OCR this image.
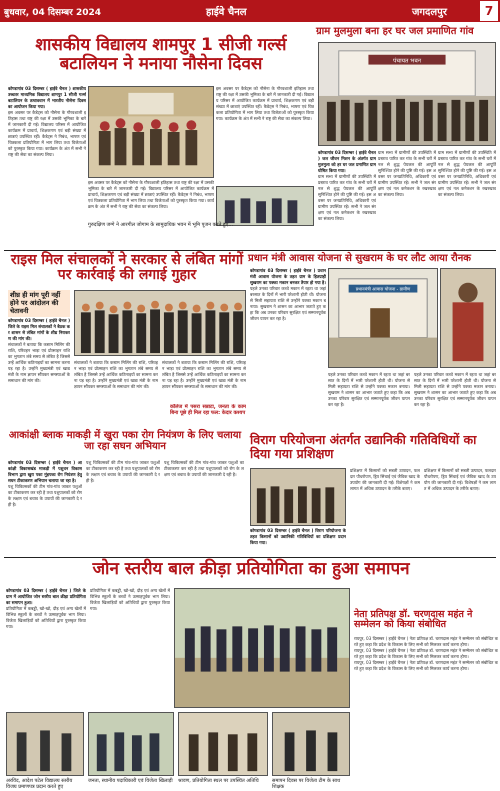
बुधवार, 04 दिसम्बर 2024	हाईवे चैनल	जगदलपुर	7
शासकीय विद्यालय शामपुर 1 सीजी गर्ल्स बटालियन ने मनाया नौसेना दिवस

कोण्डागांव 03 दिसम्बर ( हाईवे चैनल ) शासकीय उच्चतर माध्यमिक विद्यालय शामपुर 1 सीजी गर्ल्स बटालियन के तत्वावधान में भारतीय नौसेना दिवस का आयोजन किया गया।

इस अवसर पर कैडेट्स को नौसेना के गौरवशाली इतिहास तथा राष्ट्र की रक्षा में उसकी भूमिका के बारे में जानकारी दी गई। विद्यालय परिसर में आयोजित कार्यक्रम में प्राचार्य, शिक्षकगण एवं बड़ी संख्या में छात्राएं उपस्थित रहीं। कैडेट्स ने निबंध, भाषण एवं चित्रकला प्रतियोगिता में भाग लिया तथा विजेताओं को पुरस्कृत किया गया। कार्यक्रम के अंत में सभी ने राष्ट्र की सेवा का संकल्प लिया।

इस अवसर पर कैडेट्स को नौसेना के गौरवशाली इतिहास तथा राष्ट्र की रक्षा में उसकी भूमिका के बारे में जानकारी दी गई। विद्यालय परिसर में आयोजित कार्यक्रम में प्राचार्य, शिक्षकगण एवं बड़ी संख्या में छात्राएं उपस्थित रहीं। कैडेट्स ने निबंध, भाषण एवं चित्रकला प्रतियोगिता में भाग लिया तथा विजेताओं को पुरस्कृत किया गया। कार्यक्रम के अंत में सभी ने राष्ट्र की सेवा का संकल्प लिया।

इस अवसर पर कैडेट्स को नौसेना के गौरवशाली इतिहास तथा राष्ट्र की रक्षा में उसकी भूमिका के बारे में जानकारी दी गई। विद्यालय परिसर में आयोजित कार्यक्रम में प्राचार्य, शिक्षकगण एवं बड़ी संख्या में छात्राएं उपस्थित रहीं। कैडेट्स ने निबंध, भाषण एवं चित्रकला प्रतियोगिता में भाग लिया तथा विजेताओं को पुरस्कृत किया गया। कार्यक्रम के अंत में सभी ने राष्ट्र की सेवा का संकल्प लिया।

गुरुदक्षिण जग्गे ने आरगील जोगाम के सामुदायिक भवन में भूमि पूजन करते हुए...
ग्राम मुलमुला बना हर घर जल प्रमाणित गांव
पंचायत भवन

कोण्डागांव 03 दिसम्बर ( हाईवे चैनल ) जल जीवन मिशन के अंतर्गत ग्राम मुलमुला को हर घर जल प्रमाणित ग्राम घोषित किया गया।

ग्राम सभा में ग्रामीणों की उपस्थिति में प्रस्ताव पारित कर गांव के सभी घरों में नल से शुद्ध पेयजल की आपूर्ति सुनिश्चित होने की पुष्टि की गई। इस अवसर पर जनप्रतिनिधि, अधिकारी एवं ग्रामीण उपस्थित रहे। सभी ने जल संरक्षण एवं नल कनेक्शन के रखरखाव का संकल्प लिया।

ग्राम सभा में ग्रामीणों की उपस्थिति में प्रस्ताव पारित कर गांव के सभी घरों में नल से शुद्ध पेयजल की आपूर्ति सुनिश्चित होने की पुष्टि की गई। इस अवसर पर जनप्रतिनिधि, अधिकारी एवं ग्रामीण उपस्थित रहे। सभी ने जल संरक्षण एवं नल कनेक्शन के रखरखाव का संकल्प लिया।

ग्राम सभा में ग्रामीणों की उपस्थिति में प्रस्ताव पारित कर गांव के सभी घरों में नल से शुद्ध पेयजल की आपूर्ति सुनिश्चित होने की पुष्टि की गई। इस अवसर पर जनप्रतिनिधि, अधिकारी एवं ग्रामीण उपस्थित रहे। सभी ने जल संरक्षण एवं नल कनेक्शन के रखरखाव का संकल्प लिया।

राइस मिल संचालकों ने सरकार से लंबित मांगों पर कार्रवाई की लगाई गुहार
शीघ्र ही मांग पूरी नहीं होने पर आंदोलन की चेतावनी

कोण्डागांव 03 दिसम्बर ( हाईवे चैनल ) जिले के राइस मिल संचालकों ने बैठक कर शासन से लंबित मांगों के शीघ्र निराकरण की मांग की।

संचालकों ने बताया कि कस्टम मिलिंग की राशि, परिवहन भाड़ा एवं प्रोत्साहन राशि का भुगतान लंबे समय से लंबित है जिससे उन्हें आर्थिक कठिनाइयों का सामना करना पड़ रहा है। उन्होंने मुख्यमंत्री एवं खाद्य मंत्री के नाम ज्ञापन सौंपकर समस्याओं के समाधान की मांग की।

संचालकों ने बताया कि कस्टम मिलिंग की राशि, परिवहन भाड़ा एवं प्रोत्साहन राशि का भुगतान लंबे समय से लंबित है जिससे उन्हें आर्थिक कठिनाइयों का सामना करना पड़ रहा है। उन्होंने मुख्यमंत्री एवं खाद्य मंत्री के नाम ज्ञापन सौंपकर समस्याओं के समाधान की मांग की।

संचालकों ने बताया कि कस्टम मिलिंग की राशि, परिवहन भाड़ा एवं प्रोत्साहन राशि का भुगतान लंबे समय से लंबित है जिससे उन्हें आर्थिक कठिनाइयों का सामना करना पड़ रहा है। उन्होंने मुख्यमंत्री एवं खाद्य मंत्री के नाम ज्ञापन सौंपकर समस्याओं के समाधान की मांग की।

प्रधान मंत्री आवास योजना से सुखराम के घर लौट आया रौनक

कोण्डागांव 03 दिसम्बर ( हाईवे चैनल ) प्रधानमंत्री आवास योजना के तहत ग्राम के हितग्राही सुखराम का पक्का मकान बनकर तैयार हो गया है।

पहले उनका परिवार कच्चे मकान में रहता था जहां बरसात के दिनों में भारी परेशानी होती थी। योजना से मिली सहायता राशि से उन्होंने पक्का मकान बनाया। सुखराम ने शासन का आभार जताते हुए कहा कि अब उनका परिवार सुरक्षित एवं सम्मानपूर्वक जीवन यापन कर रहा है।

प्रधानमंत्री आवास योजना - ग्रामीण

पहले उनका परिवार कच्चे मकान में रहता था जहां बरसात के दिनों में भारी परेशानी होती थी। योजना से मिली सहायता राशि से उन्होंने पक्का मकान बनाया। सुखराम ने शासन का आभार जताते हुए कहा कि अब उनका परिवार सुरक्षित एवं सम्मानपूर्वक जीवन यापन कर रहा है।

पहले उनका परिवार कच्चे मकान में रहता था जहां बरसात के दिनों में भारी परेशानी होती थी। योजना से मिली सहायता राशि से उन्होंने पक्का मकान बनाया। सुखराम ने शासन का आभार जताते हुए कहा कि अब उनका परिवार सुरक्षित एवं सम्मानपूर्वक जीवन यापन कर रहा है।

आकांक्षी ब्लाक माकड़ी में खुरा पका रोग नियंत्रण के लिए चलाया जा रहा सघन अभियान

कोण्डागांव 03 दिसम्बर ( हाईवे चैनल ) आकांक्षी विकासखंड माकड़ी में पशुधन विकास विभाग द्वारा खुरा पका मुंहपका रोग नियंत्रण हेतु सघन टीकाकरण अभियान चलाया जा रहा है।

पशु चिकित्सकों की टीम गांव-गांव जाकर पशुओं का टीकाकरण कर रही है तथा पशुपालकों को रोग के लक्षण एवं बचाव के उपायों की जानकारी दे रही है।

पशु चिकित्सकों की टीम गांव-गांव जाकर पशुओं का टीकाकरण कर रही है तथा पशुपालकों को रोग के लक्षण एवं बचाव के उपायों की जानकारी दे रही है।

पशु चिकित्सकों की टीम गांव-गांव जाकर पशुओं का टीकाकरण कर रही है तथा पशुपालकों को रोग के लक्षण एवं बचाव के उपायों की जानकारी दे रही है।

कॉलेज में पसरा सन्नाटा, जनता के काम बिना पूछे ही मिल रहा फल: केदार कश्यप

विराग परियोजना अंतर्गत उद्यानिकी गतिविधियों का दिया गया प्रशिक्षण

कोण्डागांव 03 दिसम्बर ( हाईवे चैनल ) विराग परियोजना के तहत किसानों को उद्यानिकी गतिविधियों का प्रशिक्षण प्रदान किया गया।

प्रशिक्षण में किसानों को सब्जी उत्पादन, फलदार पौधरोपण, ड्रिप सिंचाई एवं जैविक खाद के उपयोग की जानकारी दी गई। विशेषज्ञों ने कम लागत में अधिक उत्पादन के तरीके बताए।

प्रशिक्षण में किसानों को सब्जी उत्पादन, फलदार पौधरोपण, ड्रिप सिंचाई एवं जैविक खाद के उपयोग की जानकारी दी गई। विशेषज्ञों ने कम लागत में अधिक उत्पादन के तरीके बताए।

जोन स्तरीय बाल क्रीड़ा प्रतियोगिता का हुआ समापन

कोण्डागांव 03 दिसम्बर ( हाईवे चैनल ) जिले के ग्राम में आयोजित जोन स्तरीय बाल क्रीड़ा प्रतियोगिता का समापन हुआ।

प्रतियोगिता में कबड्डी, खो-खो, दौड़ एवं अन्य खेलों में विभिन्न स्कूलों के बच्चों ने उत्साहपूर्वक भाग लिया। विजेता खिलाड़ियों को अतिथियों द्वारा पुरस्कृत किया गया।

प्रतियोगिता में कबड्डी, खो-खो, दौड़ एवं अन्य खेलों में विभिन्न स्कूलों के बच्चों ने उत्साहपूर्वक भाग लिया। विजेता खिलाड़ियों को अतिथियों द्वारा पुरस्कृत किया गया।

अरविंद, आदेश पटेल विद्यालय स्तरीय विजय प्रमाणपत्र प्रदान करते हुए
जनता, स्थानीय पदाधिकारी एवं विजेता खिलाड़ी श्रावण, प्रतियोगिता स्थल पर उपस्थित अतिथि	समापन दिवस पर विजेता टीम के साथ शिक्षक
नेता प्रतिपक्ष डॉ. चरणदास महंत ने सम्मेलन को किया संबोधित

रायपुर, 03 दिसम्बर ( हाईवे चैनल ) नेता प्रतिपक्ष डॉ. चरणदास महंत ने सम्मेलन को संबोधित करते हुए कहा कि प्रदेश के विकास के लिए सभी को मिलकर कार्य करना होगा।

रायपुर, 03 दिसम्बर ( हाईवे चैनल ) नेता प्रतिपक्ष डॉ. चरणदास महंत ने सम्मेलन को संबोधित करते हुए कहा कि प्रदेश के विकास के लिए सभी को मिलकर कार्य करना होगा।

रायपुर, 03 दिसम्बर ( हाईवे चैनल ) नेता प्रतिपक्ष डॉ. चरणदास महंत ने सम्मेलन को संबोधित करते हुए कहा कि प्रदेश के विकास के लिए सभी को मिलकर कार्य करना होगा।
